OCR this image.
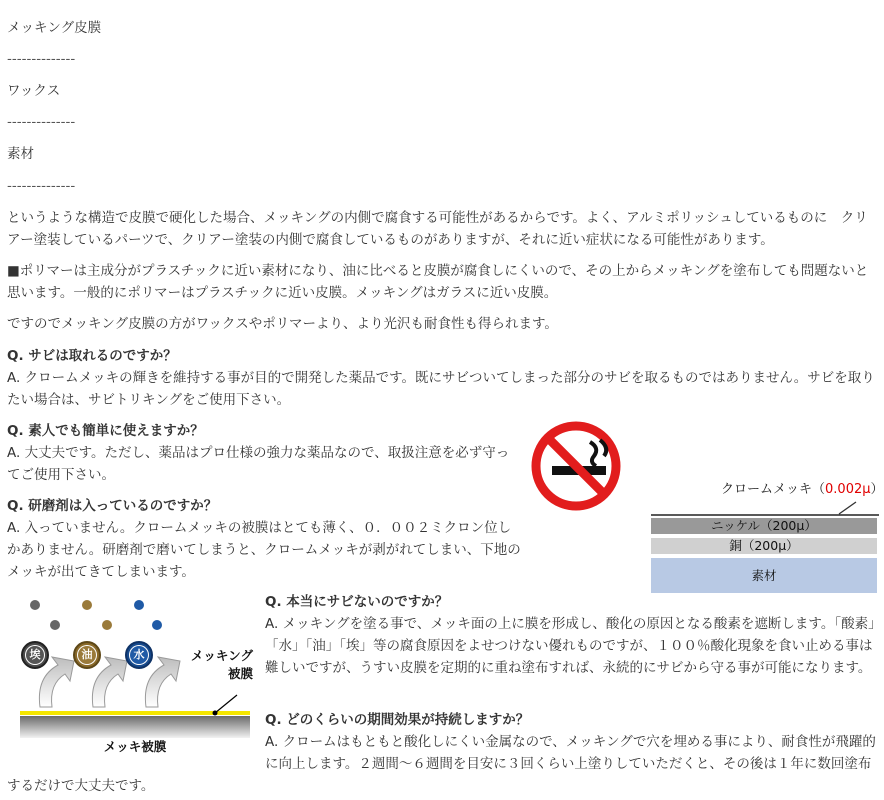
メッキング皮膜
--------------
ワックス
--------------
素材
--------------
というような構造で皮膜で硬化した場合、メッキングの内側で腐食する可能性があるからです。よく、アルミポリッシュしているものに　クリアー塗装しているパーツで、クリアー塗装の内側で腐食しているものがありますが、それに近い症状になる可能性があります。
■ポリマーは主成分がプラスチックに近い素材になり、油に比べると皮膜が腐食しにくいので、その上からメッキングを塗布しても問題ないと思います。一般的にポリマーはプラスチックに近い皮膜。メッキングはガラスに近い皮膜。
ですのでメッキング皮膜の方がワックスやポリマーより、より光沢も耐食性も得られます。
Q. サビは取れるのですか？
A. クロームメッキの輝きを維持する事が目的で開発した薬品です。既にサビついてしまった部分のサビを取るものではありません。サビを取りたい場合は、サビトリキングをご使用下さい。
Q. 素人でも簡単に使えますか？
A. 大丈夫です。ただし、薬品はプロ仕様の強力な薬品なので、取扱注意を必ず守ってご使用下さい。
Q. 研磨剤は入っているのですか？
A. 入っていません。クロームメッキの被膜はとても薄く、０．００２ミクロン位しかありません。研磨剤で磨いてしまうと、クロームメッキが剥がれてしまい、下地のメッキが出てきてしまいます。
Q. 本当にサビないのですか？
A. メッキングを塗る事で、メッキ面の上に膜を形成し、酸化の原因となる酸素を遮断します。「酸素」「水」「油」「埃」等の腐食原因をよせつけない優れものですが、１００％酸化現象を食い止める事は難しいですが、うすい皮膜を定期的に重ね塗布すれば、永続的にサビから守る事が可能になります。
Q. どのくらいの期間効果が持続しますか？
A. クロームはもともと酸化しにくい金属なので、メッキングで穴を埋める事により、耐食性が飛躍的に向上します。２週間～６週間を目安に３回くらい上塗りしていただくと、その後は１年に数回塗布
するだけで大丈夫です。
クロームメッキ（0.002μ）
ニッケル（200μ）
銅（200μ）
素材
埃	油	水	メッキング
被膜
メッキ被膜
